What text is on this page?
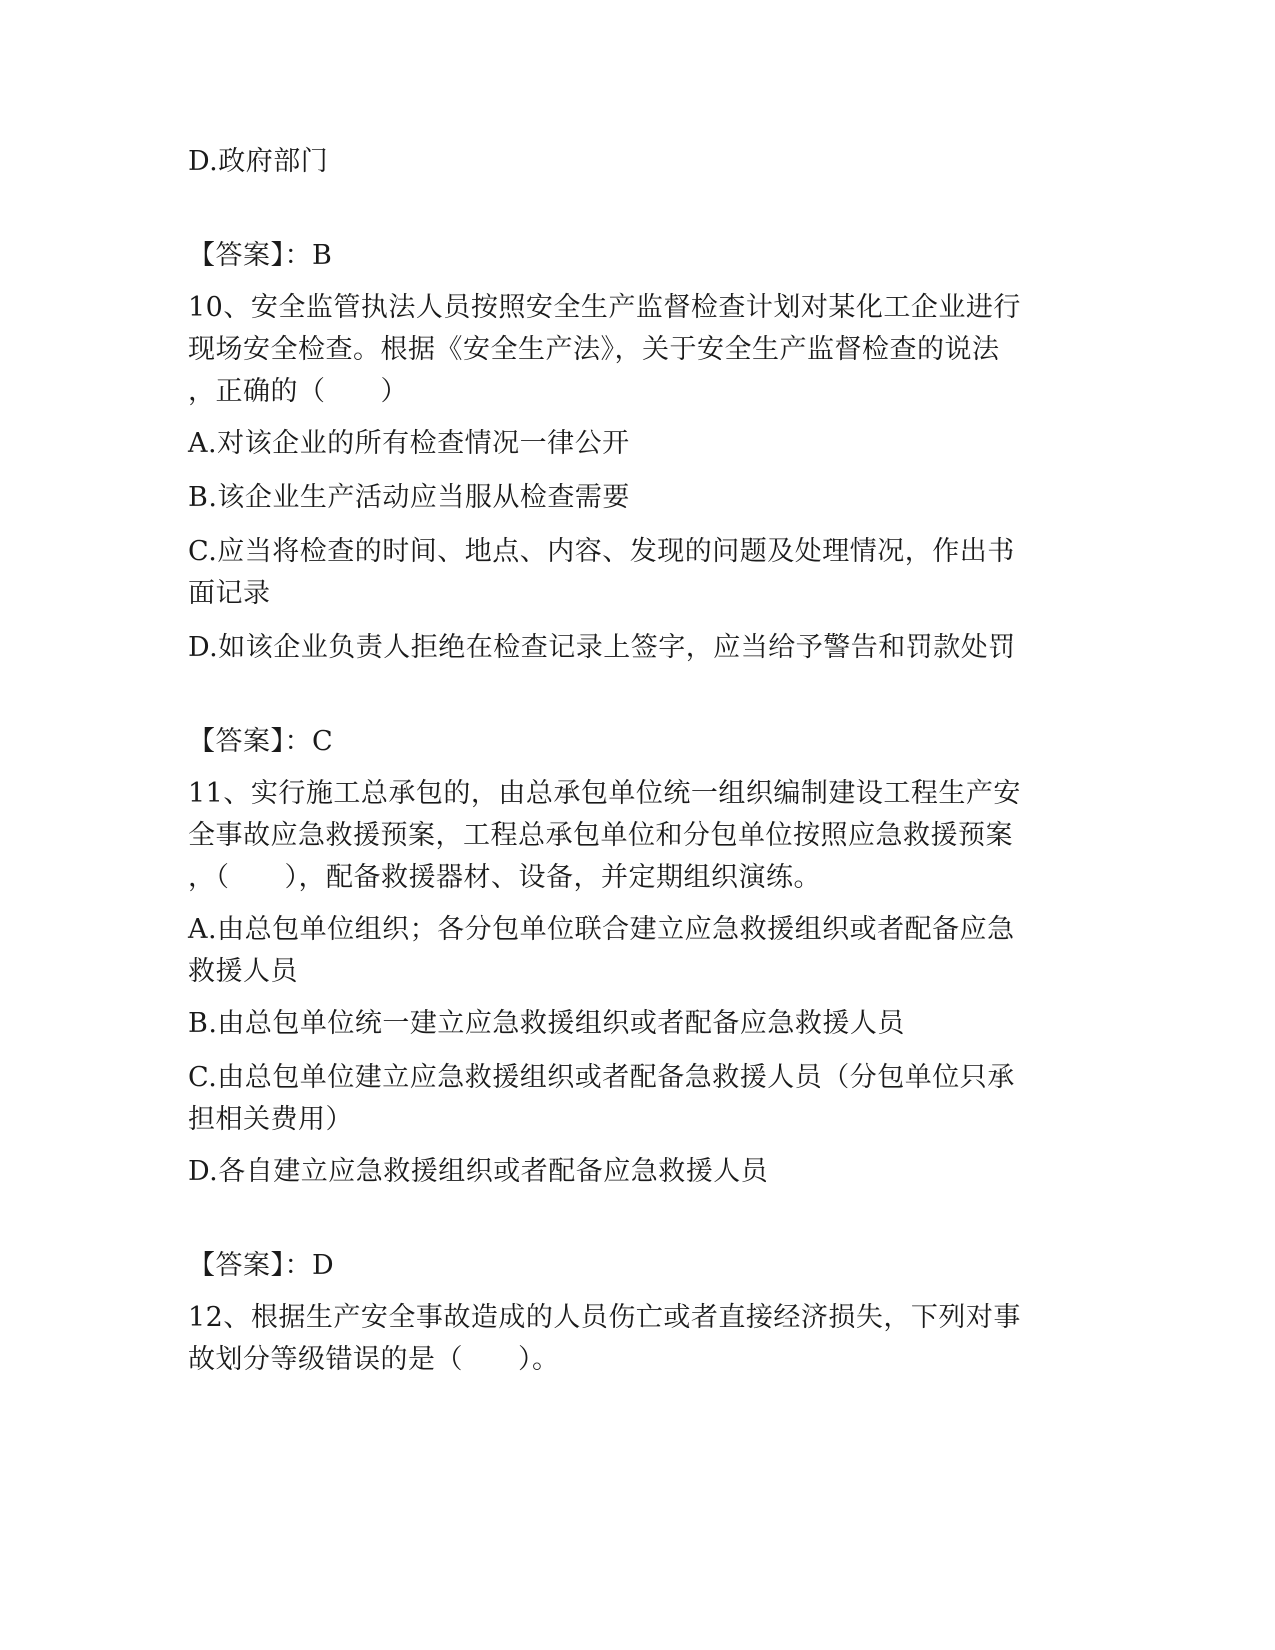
D.政府部门
【答案】：B
10、安全监管执法人员按照安全生产监督检查计划对某化工企业进行
现场安全检查。根据《安全生产法》，关于安全生产监督检查的说法
，正确的（　　）
A.对该企业的所有检查情况一律公开
B.该企业生产活动应当服从检查需要
C.应当将检查的时间、地点、内容、发现的问题及处理情况，作出书
面记录
D.如该企业负责人拒绝在检查记录上签字，应当给予警告和罚款处罚
【答案】：C
11、实行施工总承包的，由总承包单位统一组织编制建设工程生产安
全事故应急救援预案，工程总承包单位和分包单位按照应急救援预案
，（　　），配备救援器材、设备，并定期组织演练。
A.由总包单位组织；各分包单位联合建立应急救援组织或者配备应急
救援人员
B.由总包单位统一建立应急救援组织或者配备应急救援人员
C.由总包单位建立应急救援组织或者配备急救援人员（分包单位只承
担相关费用）
D.各自建立应急救援组织或者配备应急救援人员
【答案】：D
12、根据生产安全事故造成的人员伤亡或者直接经济损失，下列对事
故划分等级错误的是（　　）。
